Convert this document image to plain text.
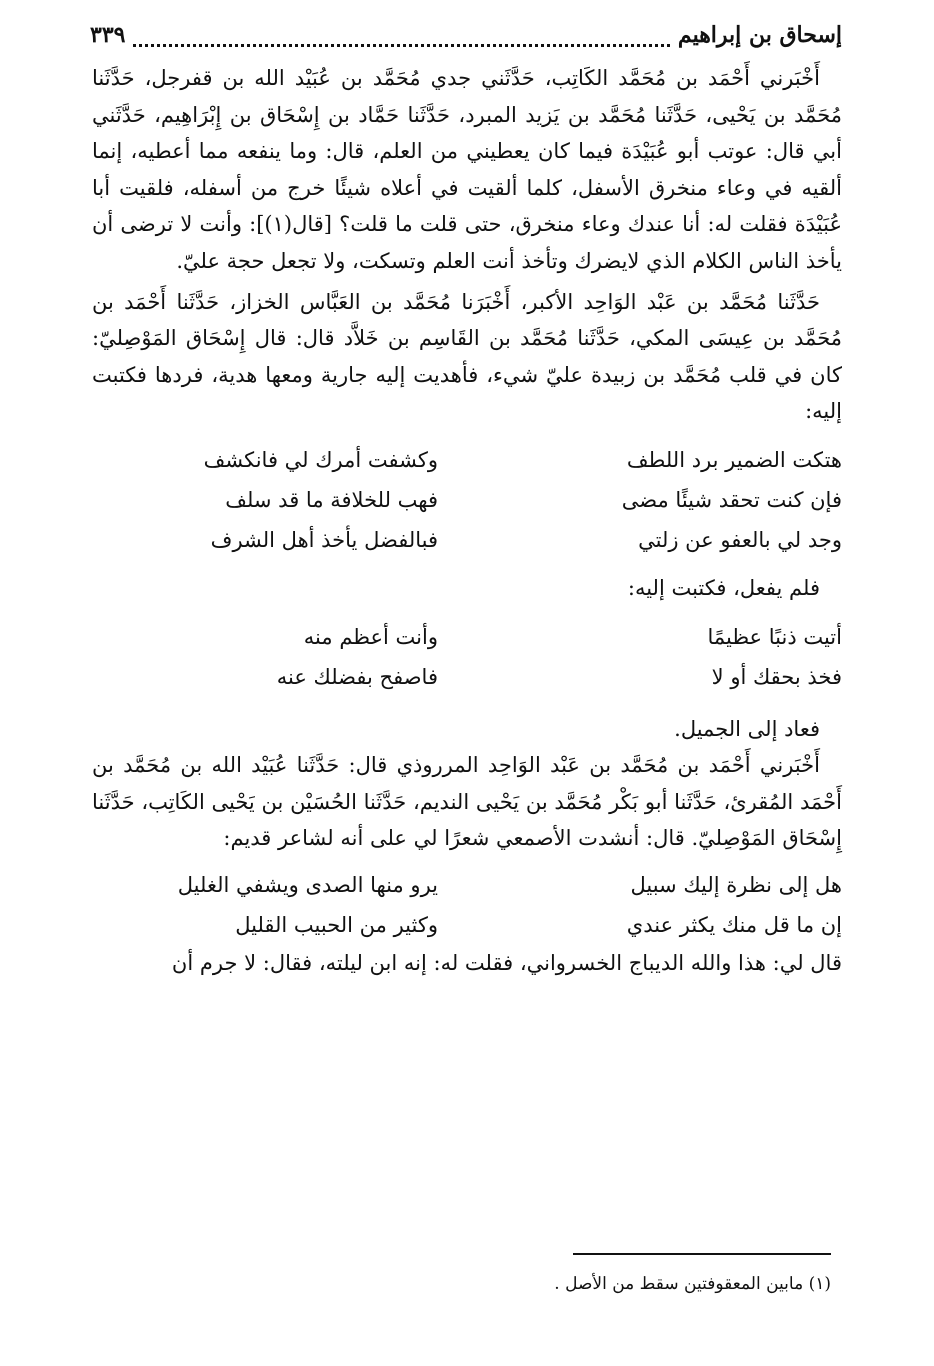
إسحاق بن إبراهيم
٣٣٩

أَخْبَرني أَحْمَد بن مُحَمَّد الكَاتِب، حَدَّثَني جدي مُحَمَّد بن عُبَيْد الله بن قفرجل، حَدَّثَنا مُحَمَّد بن يَحْيى، حَدَّثَنا مُحَمَّد بن يَزيد المبرد، حَدَّثَنا حَمَّاد بن إِسْحَاق بن إِبْرَاهِيم، حَدَّثَني أبي قال: عوتب أبو عُبَيْدَة فيما كان يعطيني من العلم، قال: وما ينفعه مما أعطيه، إنما ألقيه في وعاء منخرق الأسفل، كلما ألقيت في أعلاه شيئًا خرج من أسفله، فلقيت أبا عُبَيْدَة فقلت له: أنا عندك وعاء منخرق، حتى قلت ما قلت؟ [قال(١)]: وأنت لا ترضى أن يأخذ الناس الكلام الذي لايضرك وتأخذ أنت العلم وتسكت، ولا تجعل حجة عليّ.

حَدَّثَنا مُحَمَّد بن عَبْد الوَاحِد الأكبر، أَخْبَرَنا مُحَمَّد بن العَبَّاس الخزاز، حَدَّثَنا أَحْمَد بن مُحَمَّد بن عِيسَى المكي، حَدَّثَنا مُحَمَّد بن القَاسِم بن خَلاَّد قال: قال إِسْحَاق المَوْصِليّ: كان في قلب مُحَمَّد بن زبيدة عليّ شيء، فأهديت إليه جارية ومعها هدية، فردها فكتبت إليه:

هتكت الضمير برد اللطف
وكشفت أمرك لي فانكشف
فإن كنت تحقد شيئًا مضى
فهب للخلافة ما قد سلف
وجد لي بالعفو عن زلتي
فبالفضل يأخذ أهل الشرف

فلم يفعل، فكتبت إليه:

أتيت ذنبًا عظيمًا
وأنت أعظم منه
فخذ بحقك أو لا
فاصفح بفضلك عنه

فعاد إلى الجميل.

أَخْبَرني أَحْمَد بن مُحَمَّد بن عَبْد الوَاحِد المرروذي قال: حَدَّثَنا عُبَيْد الله بن مُحَمَّد بن أَحْمَد المُقرئ، حَدَّثَنا أبو بَكْر مُحَمَّد بن يَحْيى النديم، حَدَّثَنا الحُسَيْن بن يَحْيى الكَاتِب، حَدَّثَنا إِسْحَاق المَوْصِليّ. قال: أنشدت الأصمعي شعرًا لي على أنه لشاعر قديم:

هل إلى نظرة إليك سبيل
يرو منها الصدى ويشفي الغليل
إن ما قل منك يكثر عندي
وكثير من الحبيب القليل

قال لي: هذا والله الديباج الخسرواني، فقلت له: إنه ابن ليلته، فقال: لا جرم أن

(١) مابين المعقوفتين سقط من الأصل .
